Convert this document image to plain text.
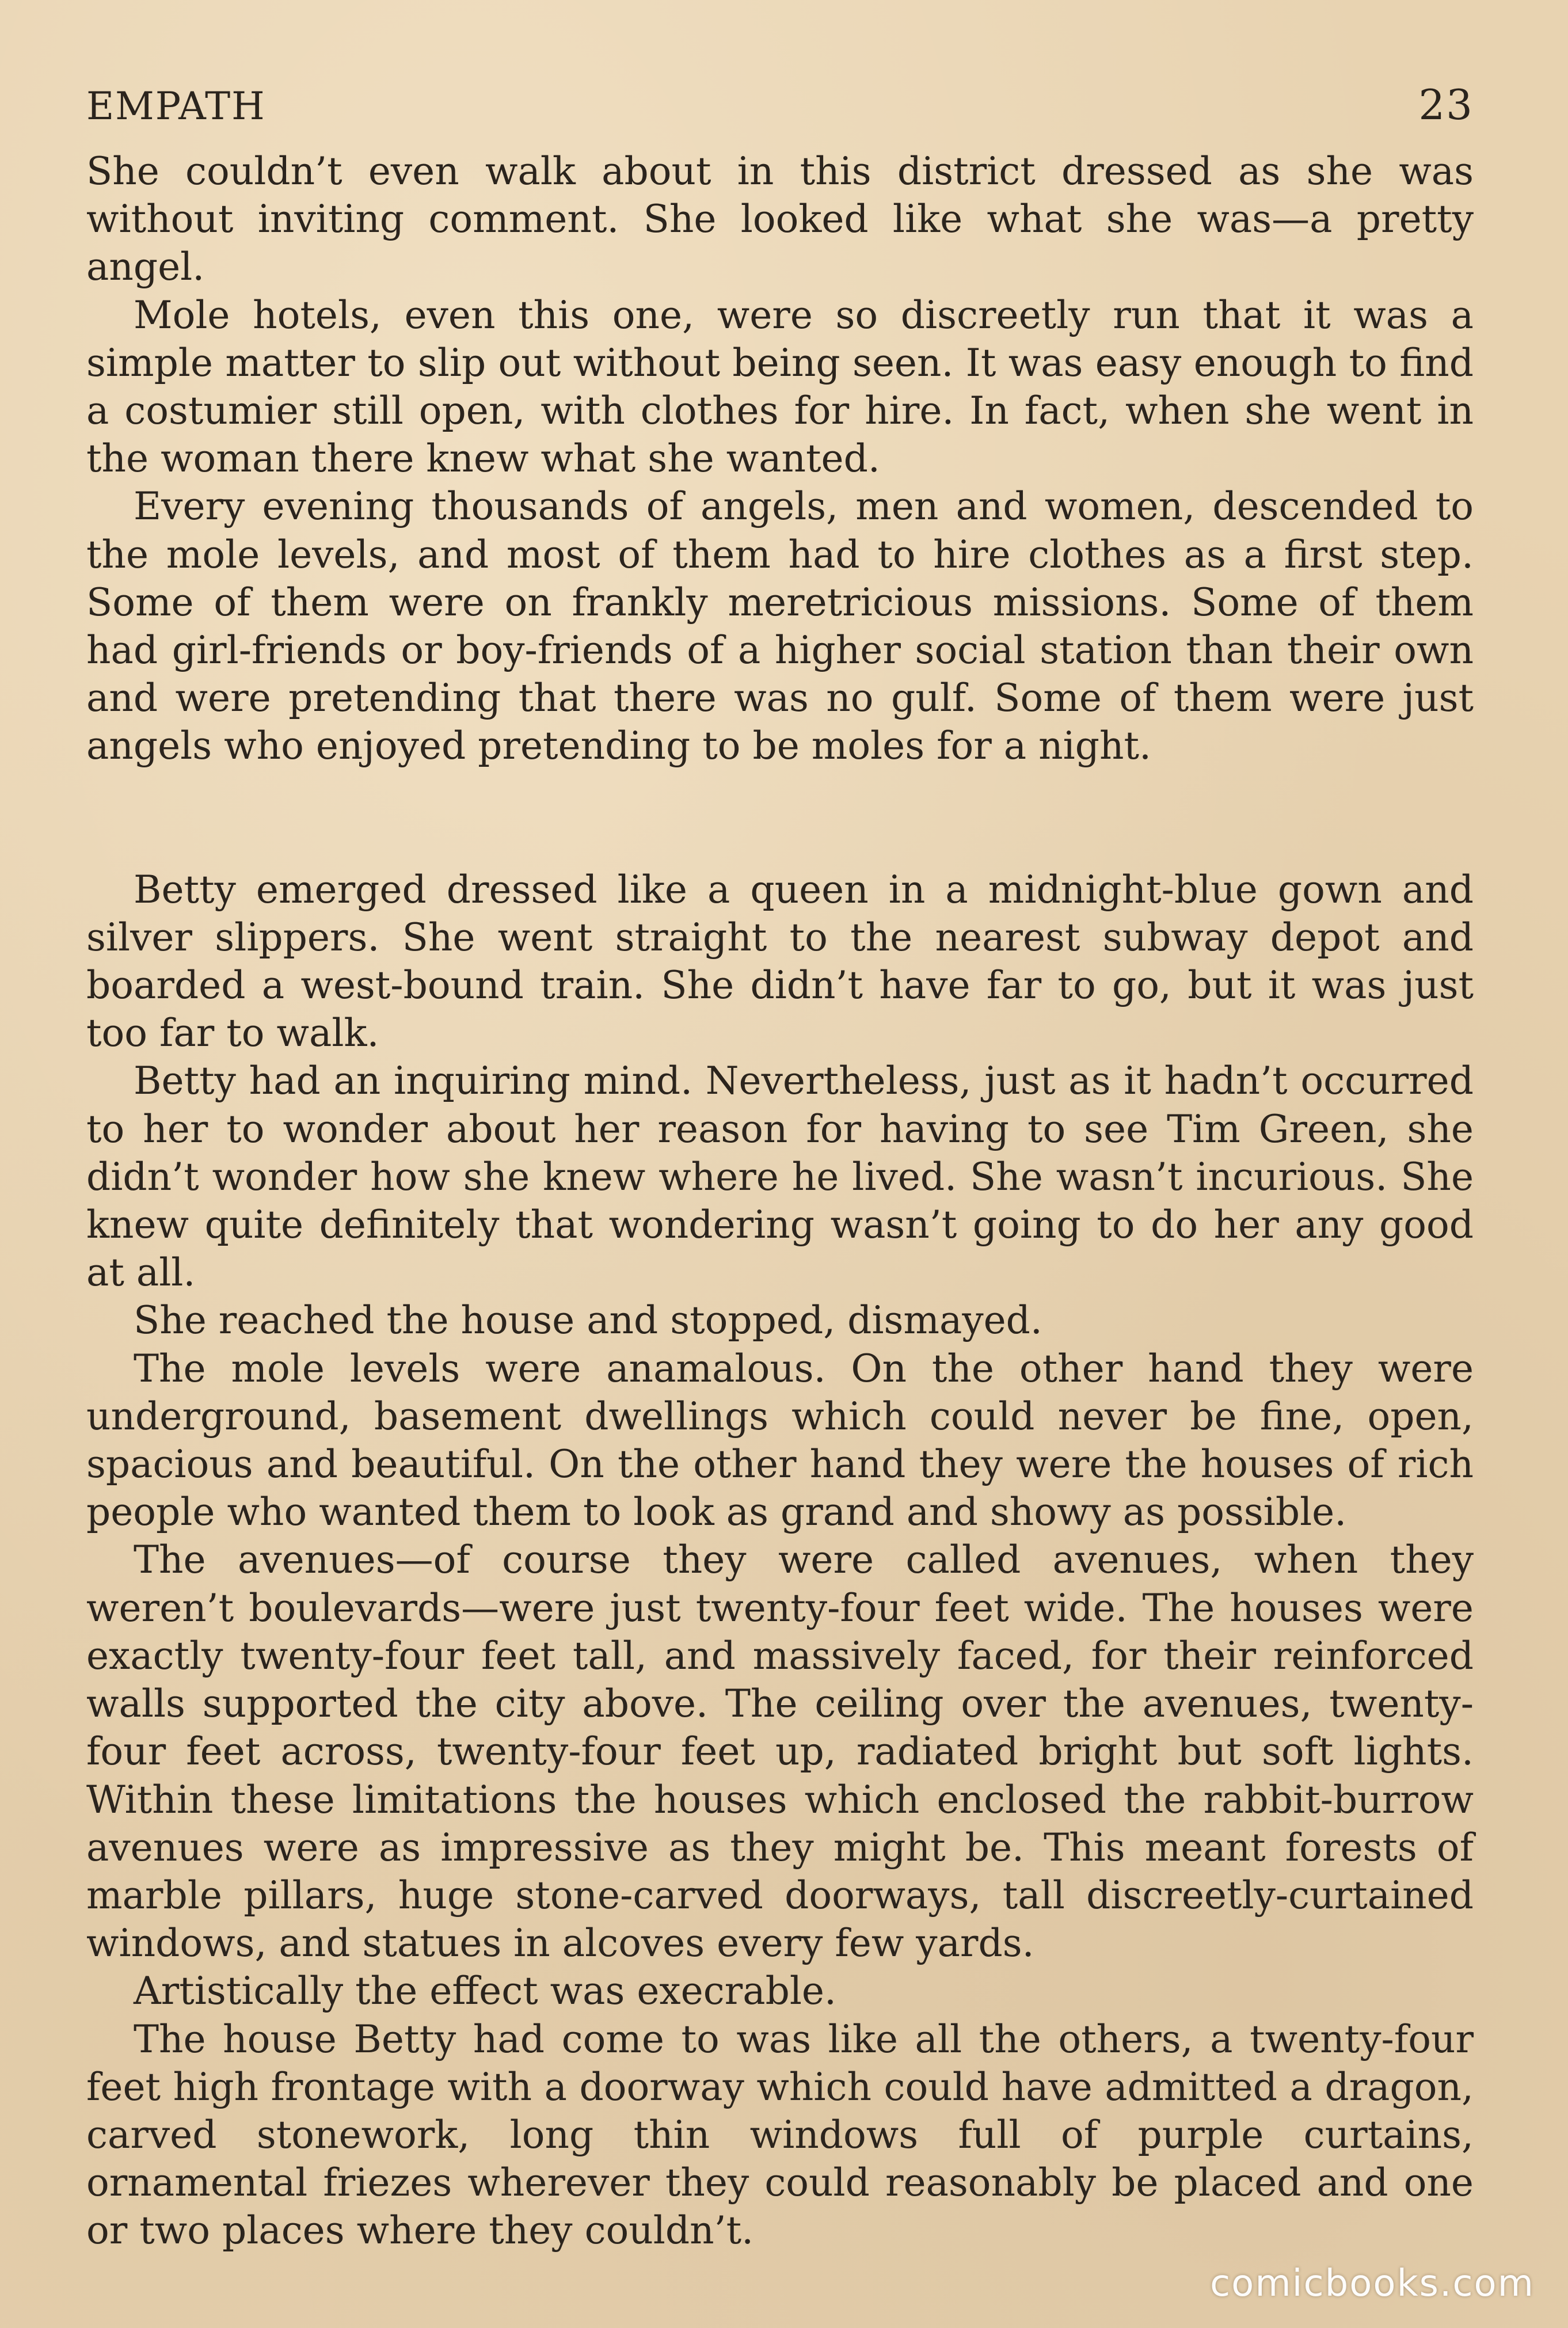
EMPATH	23

She couldn’t even walk about in this district dressed as she was without inviting comment. She looked like what she was—a pretty angel.

Mole hotels, even this one, were so discreetly run that it was a simple matter to slip out without being seen. It was easy enough to find a costumier still open, with clothes for hire. In fact, when she went in the woman there knew what she wanted.

Every evening thousands of angels, men and women, descended to the mole levels, and most of them had to hire clothes as a first step. Some of them were on frankly meretricious missions. Some of them had girl-friends or boy-friends of a higher social station than their own and were pretending that there was no gulf. Some of them were just angels who enjoyed pretending to be moles for a night.

Betty emerged dressed like a queen in a midnight-blue gown and silver slippers. She went straight to the nearest subway depot and boarded a west-bound train. She didn’t have far to go, but it was just too far to walk.

Betty had an inquiring mind. Nevertheless, just as it hadn’t occurred to her to wonder about her reason for having to see Tim Green, she didn’t wonder how she knew where he lived. She wasn’t incurious. She knew quite definitely that wondering wasn’t going to do her any good at all.

She reached the house and stopped, dismayed.

The mole levels were anamalous. On the other hand they were underground, basement dwellings which could never be fine, open, spacious and beautiful. On the other hand they were the houses of rich people who wanted them to look as grand and showy as possible.

The avenues—of course they were called avenues, when they weren’t boulevards—were just twenty-four feet wide. The houses were exactly twenty-four feet tall, and massively faced, for their reinforced walls supported the city above. The ceiling over the avenues, twenty-four feet across, twenty-four feet up, radiated bright but soft lights. Within these limitations the houses which enclosed the rabbit-burrow avenues were as impressive as they might be. This meant forests of marble pillars, huge stone-carved doorways, tall discreetly-curtained windows, and statues in alcoves every few yards.

Artistically the effect was execrable.

The house Betty had come to was like all the others, a twenty-four feet high frontage with a doorway which could have admitted a dragon, carved stonework, long thin windows full of purple curtains, ornamental friezes wherever they could reasonably be placed and one or two places where they couldn’t.

comicbooks.com
